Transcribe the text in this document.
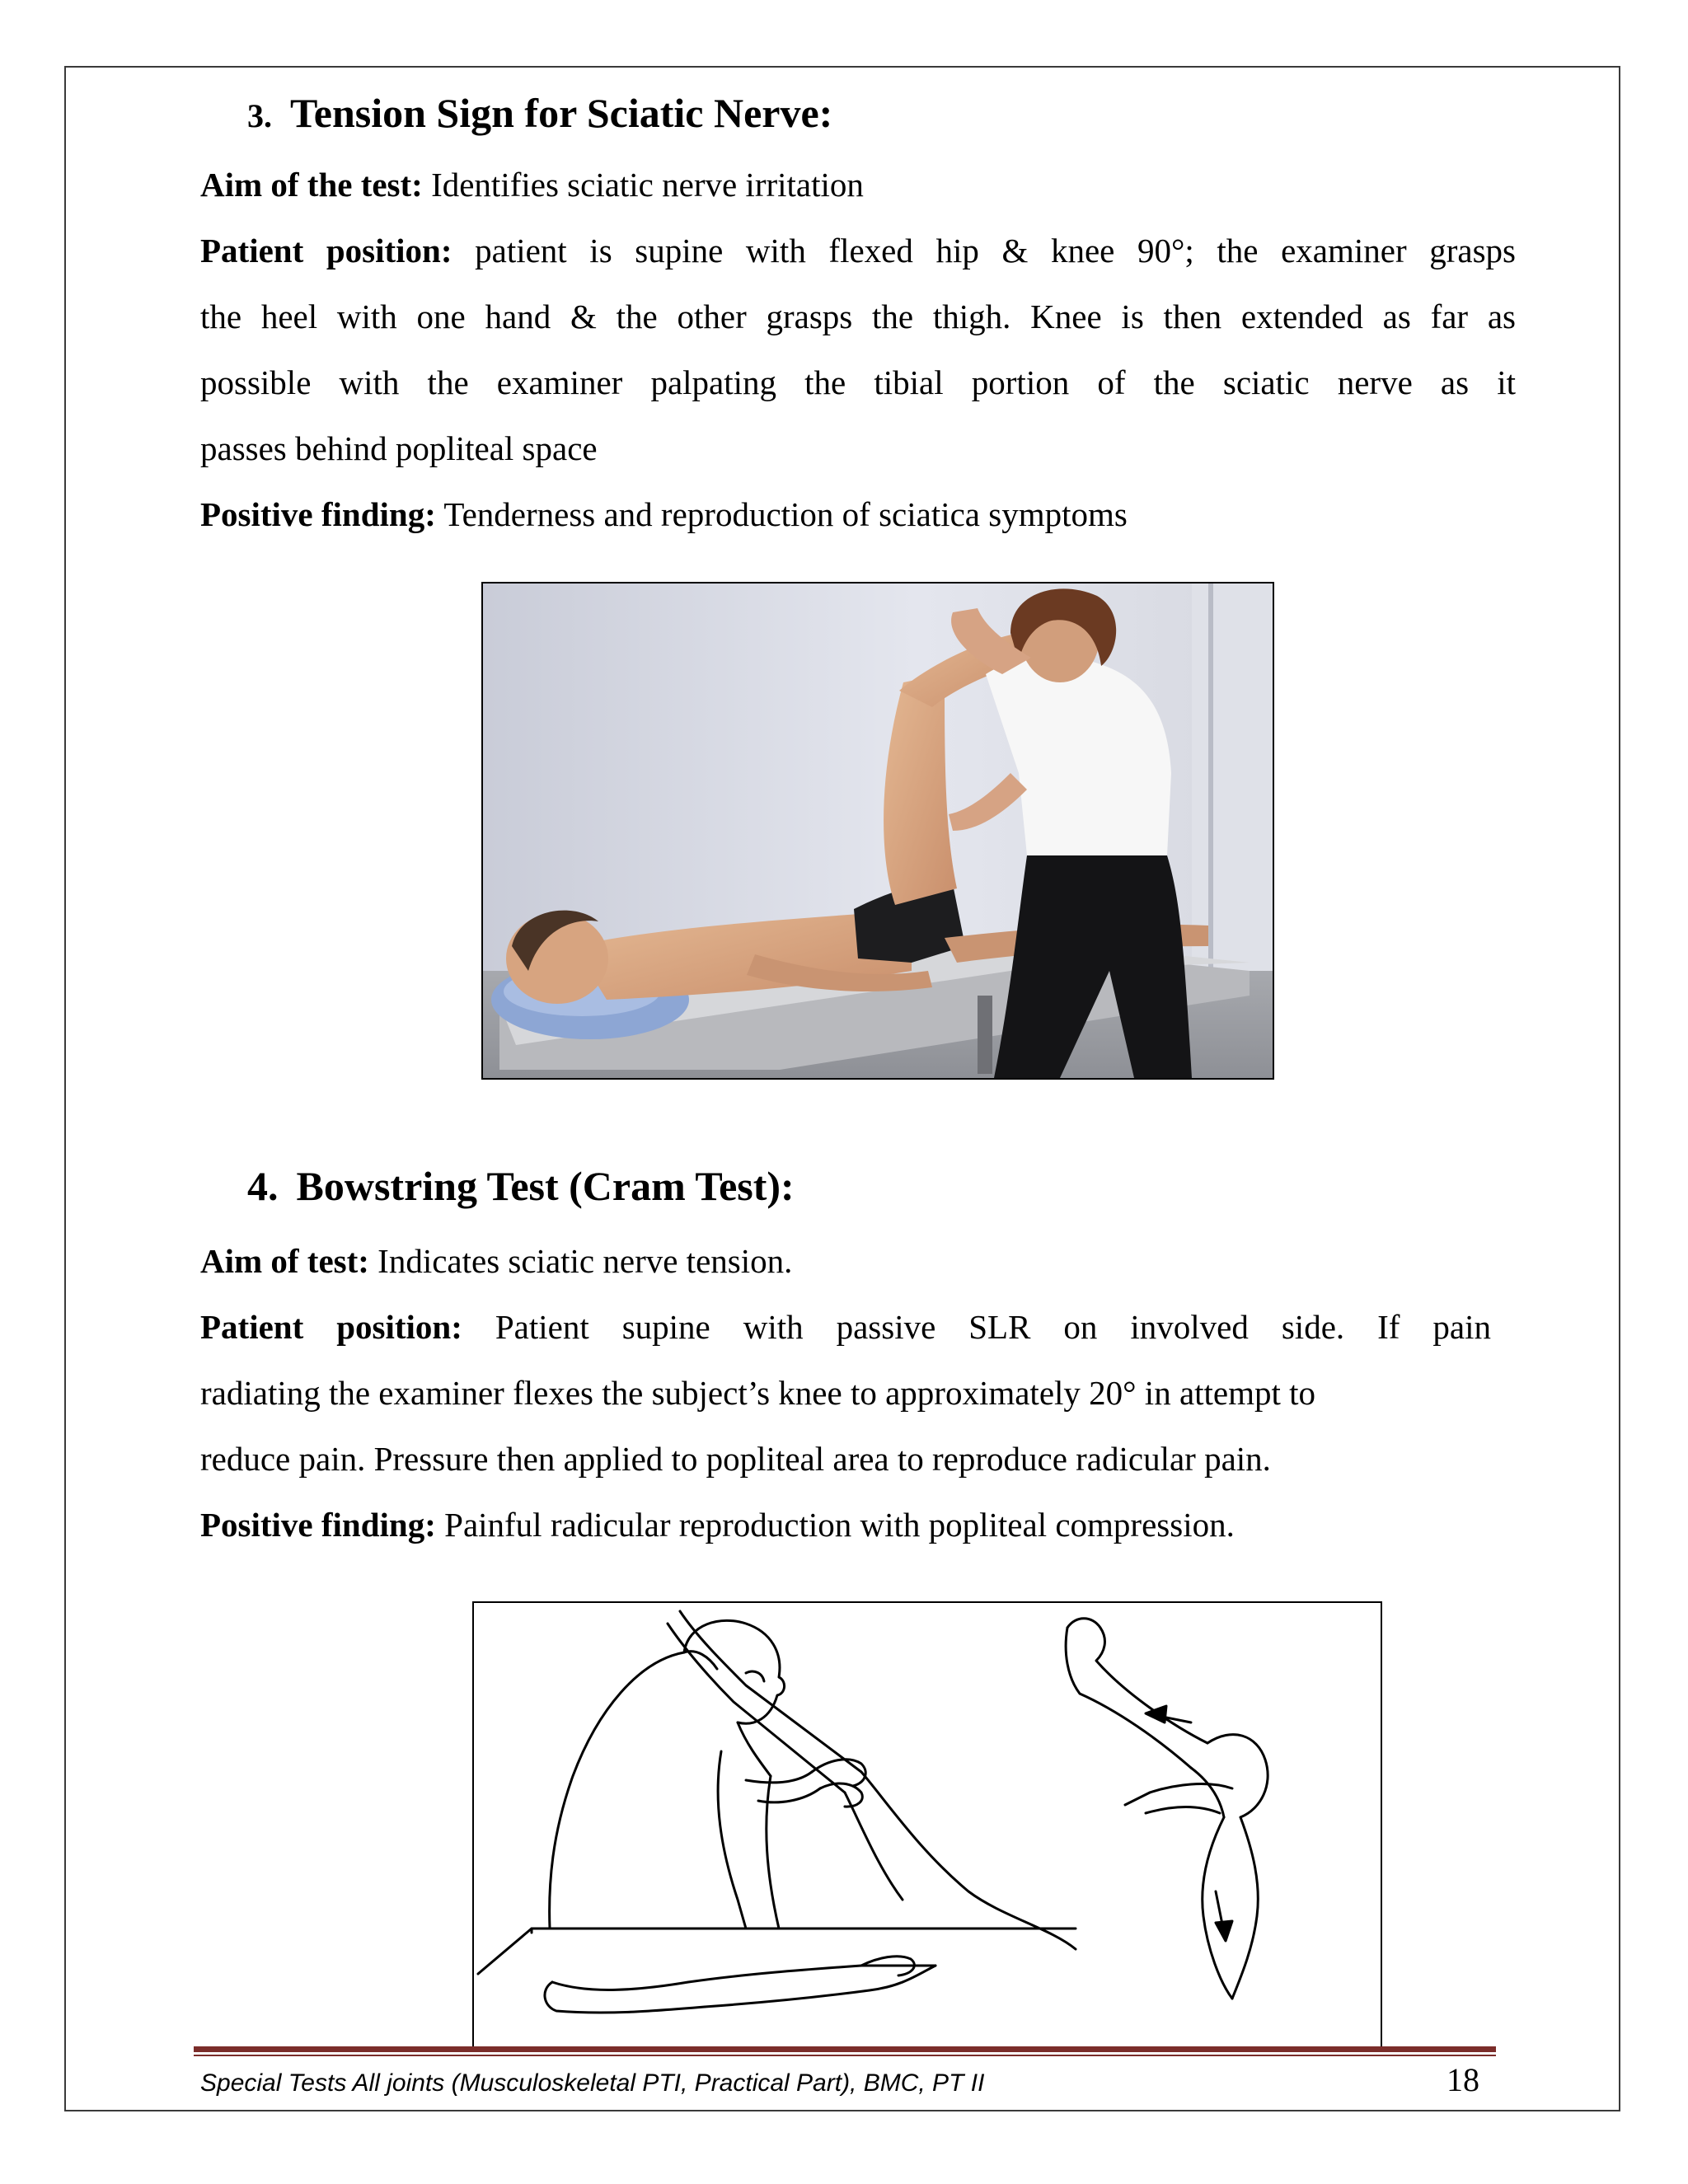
3. Tension Sign for Sciatic Nerve:
Aim of the test: Identifies sciatic nerve irritation
Patient position: patient is supine with flexed hip & knee 90°; the examiner grasps
the heel with one hand & the other grasps the thigh. Knee is then extended as far as
possible with the examiner palpating the tibial portion of the sciatic nerve as it
passes behind popliteal space
Positive finding: Tenderness and reproduction of sciatica symptoms
4. Bowstring Test (Cram Test):
Aim of test: Indicates sciatic nerve tension.
Patient position: Patient supine with passive SLR on involved side. If pain
radiating the examiner flexes the subject’s knee to approximately 20° in attempt to
reduce pain. Pressure then applied to popliteal area to reproduce radicular pain.
Positive finding: Painful radicular reproduction with popliteal compression.
Special Tests All joints (Musculoskeletal PTI, Practical Part), BMC, PT II	18
